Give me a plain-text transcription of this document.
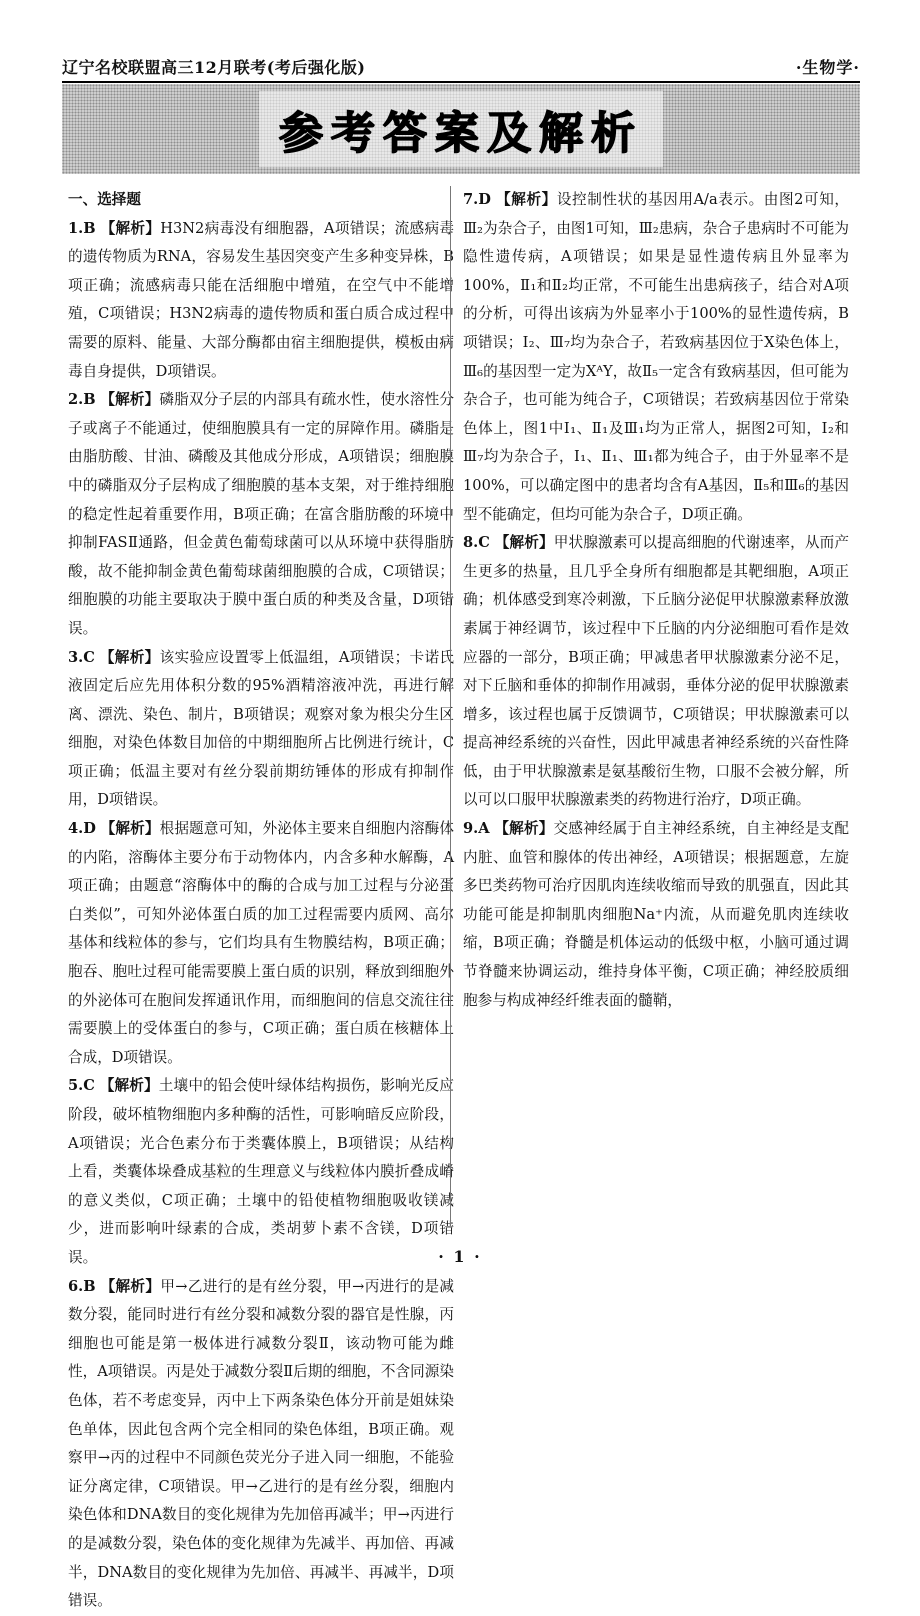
辽宁名校联盟高三12月联考(考后强化版)	·生物学·
参考答案及解析
一、选择题

1.B 【解析】H3N2病毒没有细胞器，A项错误；流感病毒的遗传物质为RNA，容易发生基因突变产生多种变异株，B项正确；流感病毒只能在活细胞中增殖，在空气中不能增殖，C项错误；H3N2病毒的遗传物质和蛋白质合成过程中需要的原料、能量、大部分酶都由宿主细胞提供，模板由病毒自身提供，D项错误。

2.B 【解析】磷脂双分子层的内部具有疏水性，使水溶性分子或离子不能通过，使细胞膜具有一定的屏障作用。磷脂是由脂肪酸、甘油、磷酸及其他成分形成，A项错误；细胞膜中的磷脂双分子层构成了细胞膜的基本支架，对于维持细胞的稳定性起着重要作用，B项正确；在富含脂肪酸的环境中抑制FASⅡ通路，但金黄色葡萄球菌可以从环境中获得脂肪酸，故不能抑制金黄色葡萄球菌细胞膜的合成，C项错误；细胞膜的功能主要取决于膜中蛋白质的种类及含量，D项错误。

3.C 【解析】该实验应设置零上低温组，A项错误；卡诺氏液固定后应先用体积分数的95%酒精溶液冲洗，再进行解离、漂洗、染色、制片，B项错误；观察对象为根尖分生区细胞，对染色体数目加倍的中期细胞所占比例进行统计，C项正确；低温主要对有丝分裂前期纺锤体的形成有抑制作用，D项错误。

4.D 【解析】根据题意可知，外泌体主要来自细胞内溶酶体的内陷，溶酶体主要分布于动物体内，内含多种水解酶，A项正确；由题意“溶酶体中的酶的合成与加工过程与分泌蛋白类似”，可知外泌体蛋白质的加工过程需要内质网、高尔基体和线粒体的参与，它们均具有生物膜结构，B项正确；胞吞、胞吐过程可能需要膜上蛋白质的识别，释放到细胞外的外泌体可在胞间发挥通讯作用，而细胞间的信息交流往往需要膜上的受体蛋白的参与，C项正确；蛋白质在核糖体上合成，D项错误。

5.C 【解析】土壤中的铅会使叶绿体结构损伤，影响光反应阶段，破坏植物细胞内多种酶的活性，可影响暗反应阶段，A项错误；光合色素分布于类囊体膜上，B项错误；从结构上看，类囊体垛叠成基粒的生理意义与线粒体内膜折叠成嵴的意义类似，C项正确；土壤中的铅使植物细胞吸收镁减少，进而影响叶绿素的合成，类胡萝卜素不含镁，D项错误。

6.B 【解析】甲→乙进行的是有丝分裂，甲→丙进行的是减数分裂，能同时进行有丝分裂和减数分裂的器官是性腺，丙细胞也可能是第一极体进行减数分裂Ⅱ，该动物可能为雌性，A项错误。丙是处于减数分裂Ⅱ后期的细胞，不含同源染色体，若不考虑变异，丙中上下两条染色体分开前是姐妹染色单体，因此包含两个完全相同的染色体组，B项正确。观察甲→丙的过程中不同颜色荧光分子进入同一细胞，不能验证分离定律，C项错误。甲→乙进行的是有丝分裂，细胞内染色体和DNA数目的变化规律为先加倍再减半；甲→丙进行的是减数分裂，染色体的变化规律为先减半、再加倍、再减半，DNA数目的变化规律为先加倍、再减半、再减半，D项错误。

7.D 【解析】设控制性状的基因用A/a表示。由图2可知，Ⅲ₂为杂合子，由图1可知，Ⅲ₂患病，杂合子患病时不可能为隐性遗传病，A项错误；如果是显性遗传病且外显率为100%，Ⅱ₁和Ⅱ₂均正常，不可能生出患病孩子，结合对A项的分析，可得出该病为外显率小于100%的显性遗传病，B项错误；Ⅰ₂、Ⅲ₇均为杂合子，若致病基因位于X染色体上，Ⅲ₆的基因型一定为XᴬY，故Ⅱ₅一定含有致病基因，但可能为杂合子，也可能为纯合子，C项错误；若致病基因位于常染色体上，图1中Ⅰ₁、Ⅱ₁及Ⅲ₁均为正常人，据图2可知，Ⅰ₂和Ⅲ₇均为杂合子，Ⅰ₁、Ⅱ₁、Ⅲ₁都为纯合子，由于外显率不是100%，可以确定图中的患者均含有A基因，Ⅱ₅和Ⅲ₆的基因型不能确定，但均可能为杂合子，D项正确。

8.C 【解析】甲状腺激素可以提高细胞的代谢速率，从而产生更多的热量，且几乎全身所有细胞都是其靶细胞，A项正确；机体感受到寒冷刺激，下丘脑分泌促甲状腺激素释放激素属于神经调节，该过程中下丘脑的内分泌细胞可看作是效应器的一部分，B项正确；甲减患者甲状腺激素分泌不足，对下丘脑和垂体的抑制作用减弱，垂体分泌的促甲状腺激素增多，该过程也属于反馈调节，C项错误；甲状腺激素可以提高神经系统的兴奋性，因此甲减患者神经系统的兴奋性降低，由于甲状腺激素是氨基酸衍生物，口服不会被分解，所以可以口服甲状腺激素类的药物进行治疗，D项正确。

9.A 【解析】交感神经属于自主神经系统，自主神经是支配内脏、血管和腺体的传出神经，A项错误；根据题意，左旋多巴类药物可治疗因肌肉连续收缩而导致的肌强直，因此其功能可能是抑制肌肉细胞Na⁺内流，从而避免肌肉连续收缩，B项正确；脊髓是机体运动的低级中枢，小脑可通过调节脊髓来协调运动，维持身体平衡，C项正确；神经胶质细胞参与构成神经纤维表面的髓鞘，

· 1 ·
